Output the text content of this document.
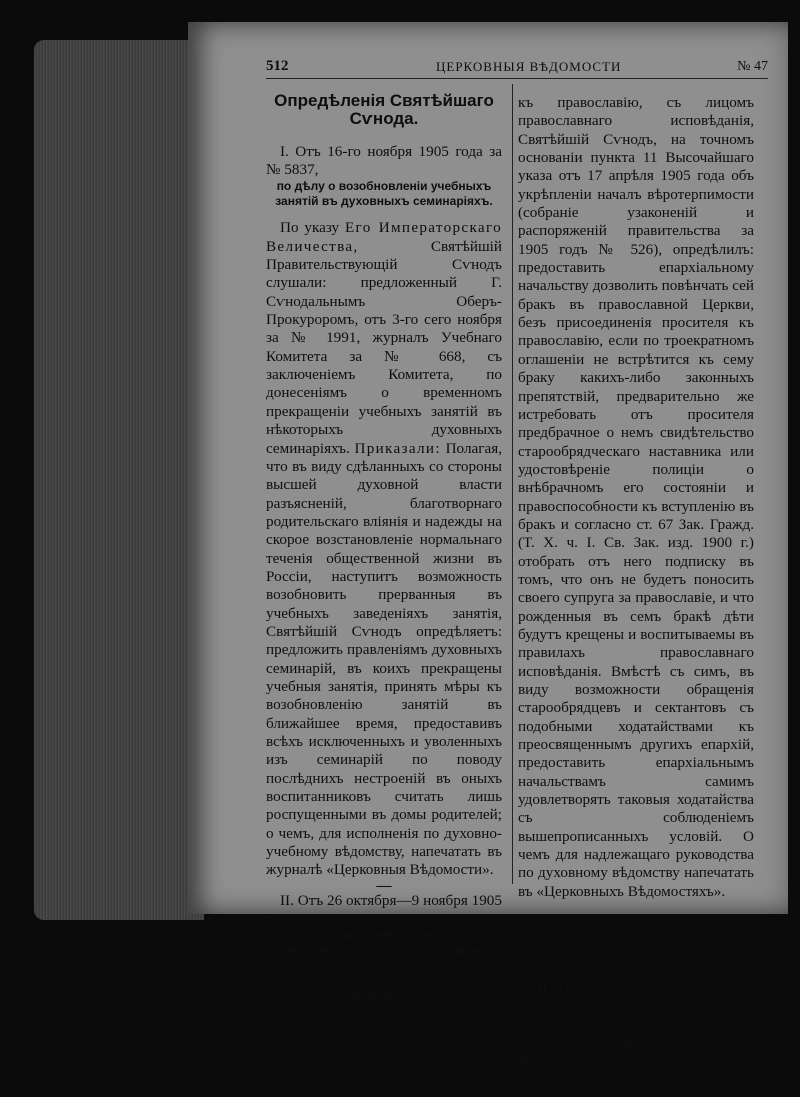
512	ЦЕРКОВНЫЯ ВѢДОМОСТИ	№ 47
Опредѣленія Святѣйшаго Сѵнода.

I. Отъ 16-го ноября 1905 года за № 5837,

по дѣлу о возобновленіи учебныхъ занятій въ духовныхъ семинаріяхъ.

По указу Его Императорскаго Величества,	Святѣйшій Правительствующій Сѵнодъ слушали: предложенный Г. Сѵнодальнымъ Оберъ-Прокуроромъ, отъ 3-го сего ноября за № 1991, журналъ Учебнаго Комитета за № 668, съ заключеніемъ Комитета, по донесеніямъ о временномъ прекращеніи учебныхъ занятій въ нѣкоторыхъ духовныхъ семинаріяхъ. Приказали: Полагая, что въ виду сдѣланныхъ со стороны высшей духовной власти разъясненій, благотворнаго родительскаго вліянія и надежды на скорое возстановленіе нормальнаго теченія общественной жизни въ Россіи, наступитъ возможность возобновить прерванныя въ учебныхъ заведеніяхъ занятія, Святѣйшій Сѵнодъ опредѣляетъ: предложить правленіямъ духовныхъ семинарій, въ коихъ прекращены учебныя занятія, принять мѣры къ возобновленію занятій въ ближайшее время, предоставивъ всѣхъ исключенныхъ и уволенныхъ изъ семинарій по поводу послѣднихъ нестроеній въ оныхъ воспитанниковъ считать лишь роспущенными въ домы родителей; о чемъ, для исполненія по духовно-учебному вѣдомству, напечатать въ журналѣ «Церковныя Вѣдомости».

—

II. Отъ 26 октября—9 ноября 1905 г.

о порядкѣ повѣнчанія лицъ православныхъ съ старообрядцами.

Выслушавъ ходатайство одного изъ епархіальныхъ начальствъ о разрѣшеніи повѣнчать по чину православной Церкви лицо, принадлежащее къ старообрядчеству, безъ присоединенія его

къ православію, съ лицомъ православнаго исповѣданія, Святѣйшій Сѵнодъ, на точномъ основаніи пункта 11 Высочайшаго указа отъ 17 апрѣля 1905 года объ укрѣпленіи началъ вѣротерпимости (собраніе узаконеній и распоряженій правительства за 1905 годъ № 526), опредѣлилъ: предоставить епархіальному начальству дозволить повѣнчать сей бракъ въ православной Церкви, безъ присоединенія просителя къ православію, если по троекратномъ оглашеніи не встрѣтится къ сему браку какихъ-либо законныхъ препятствій, предварительно же истребовать отъ просителя предбрачное о немъ свидѣтельство старообрядческаго наставника или удостовѣреніе полиціи о внѣбрачномъ его состояніи и правоспособности къ вступленію въ бракъ и согласно ст. 67 Зак. Гражд. (Т. Х. ч. I. Св. Зак. изд. 1900 г.) отобрать отъ него подписку въ томъ, что онъ не будетъ поносить своего супруга за православіе, и что рожденныя въ семъ бракѣ дѣти будутъ крещены и воспитываемы въ правилахъ православнаго исповѣданія. Вмѣстѣ съ симъ, въ виду возможности обращенія старообрядцевъ и сектантовъ съ подобными ходатайствами къ преосвященнымъ другихъ епархій, предоставить епархіальнымъ начальствамъ самимъ удовлетворять таковыя ходатайства съ соблюденіемъ вышепрописанныхъ условій. О чемъ для надлежащаго руководства по духовному вѣдомству напечатать въ «Церковныхъ Вѣдомостяхъ».

—

Опредѣленіями Святѣйшаго Сѵнода:

III. Отъ 30 сентября—8 октября 1905 года за № 4914, Сухумскій епархіальный наблюдатель церковныхъ школъ, протоіерей Василій Ястребовъ уволенъ,
